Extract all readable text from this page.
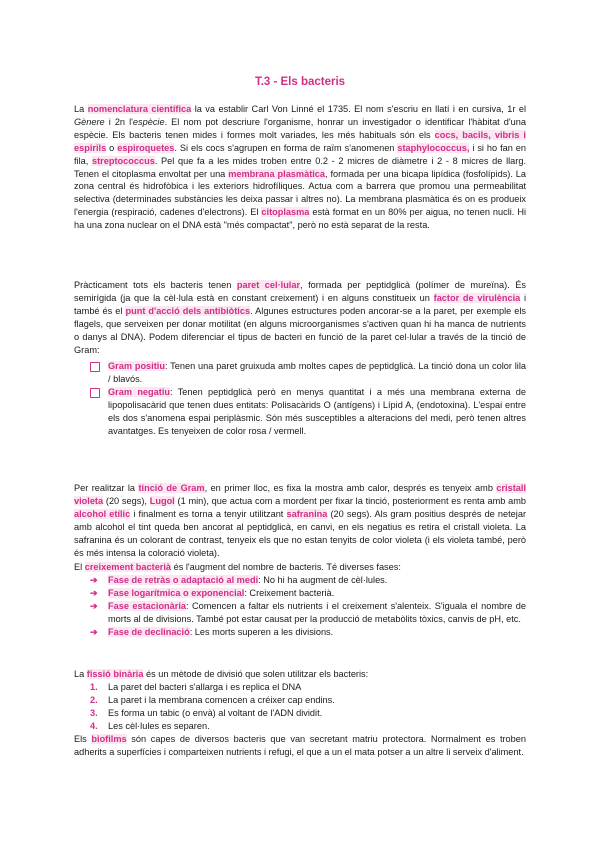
T.3 - Els bacteris

La nomenclatura científica la va establir Carl Von Linné el 1735. El nom s'escriu en llatí i en cursiva, 1r el Gènere i 2n l'espècie. El nom pot descriure l'organisme, honrar un investigador o identificar l'hàbitat d'una espècie. Els bacteris tenen mides i formes molt variades, les més habituals són els cocs, bacils, vibris i espirils o espiroquetes. Si els cocs s'agrupen en forma de raïm s'anomenen staphylococcus, i si ho fan en fila, streptococcus. Pel que fa a les mides troben entre 0.2 - 2 micres de diàmetre i 2 - 8 micres de llarg. Tenen el citoplasma envoltat per una membrana plasmàtica, formada per una bicapa lipídica (fosfolípids). La zona central és hidrofòbica i les exteriors hidrofíliques. Actua com a barrera que promou una permeabilitat selectiva (determinades substàncies les deixa passar i altres no). La membrana plasmàtica és on es produeix l'energia (respiració, cadenes d'electrons). El citoplasma està format en un 80% per aigua, no tenen nucli. Hi ha una zona nuclear on el DNA està "més compactat", però no està separat de la resta.

Pràcticament tots els bacteris tenen paret cel·lular, formada per peptidglicà (polímer de mureïna). És semirígida (ja que la cèl·lula està en constant creixement) i en alguns constitueix un factor de virulència i també és el punt d'acció dels antibiòtics. Algunes estructures poden ancorar-se a la paret, per exemple els flagels, que serveixen per donar motilitat (en alguns microorganismes s'activen quan hi ha manca de nutrients o danys al DNA). Podem diferenciar el tipus de bacteri en funció de la paret cel·lular a través de la tinció de Gram:

Gram positiu: Tenen una paret gruixuda amb moltes capes de peptidglicà. La tinció dona un color lila / blavós.
Gram negatiu: Tenen peptidglicà però en menys quantitat i a més una membrana externa de lipopolisacàrid que tenen dues entitats: Polisacàrids O (antígens) i Lípid A, (endotoxina). L'espai entre els dos s'anomena espai periplàsmic. Són més susceptibles a alteracions del medi, però tenen altres avantatges. Es tenyeixen de color rosa / vermell.

Per realitzar la tinció de Gram, en primer lloc, es fixa la mostra amb calor, després es tenyeix amb cristall violeta (20 segs), Lugol (1 min), que actua com a mordent per fixar la tinció, posteriorment es renta amb amb alcohol etílic i finalment es torna a tenyir utilitzant safranina (20 segs). Als gram positius després de netejar amb alcohol el tint queda ben ancorat al peptidglicà, en canvi, en els negatius es retira el cristall violeta. La safranina és un colorant de contrast, tenyeix els que no estan tenyits de color violeta (i els violeta també, però és més intensa la coloració violeta).

El creixement bacterià és l'augment del nombre de bacteris. Té diverses fases:

➔ Fase de retràs o adaptació al medi: No hi ha augment de cèl·lules.
➔ Fase logarítmica o exponencial: Creixement bacterià.
➔ Fase estacionària: Comencen a faltar els nutrients i el creixement s'alenteix. S'iguala el nombre de morts al de divisions. També pot estar causat per la producció de metabòlits tòxics, canvis de pH, etc.
➔ Fase de declinació: Les morts superen a les divisions.

La fissió binària és un mètode de divisió que solen utilitzar els bacteris:

1. La paret del bacteri s'allarga i es replica el DNA
2. La paret i la membrana comencen a créixer cap endins.
3. Es forma un tabic (o envà) al voltant de l'ADN dividit.
4. Les cèl·lules es separen.

Els biofilms són capes de diversos bacteris que van secretant matriu protectora. Normalment es troben adherits a superfícies i comparteixen nutrients i refugi, el que a un el mata potser a un altre li serveix d'aliment.
